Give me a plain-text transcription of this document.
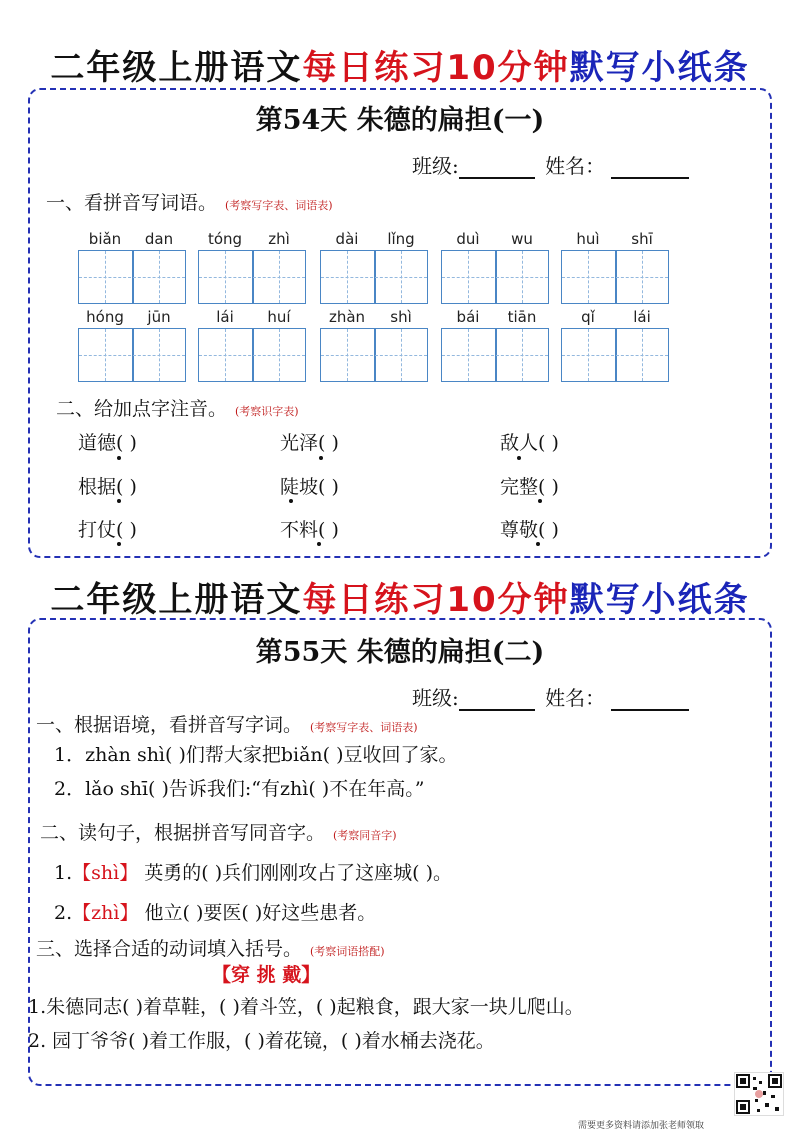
二年级上册语文每日练习10分钟默写小纸条
第54天 朱德的扁担(一)
班级:	姓名：
一、看拼音写词语。 (考察写字表、词语表)
biǎn	dan	tóng	zhì	dài	lǐng	duì	wu	huì	shī
hóng	jūn	lái	huí	zhàn	shì	bái	tiān	qǐ	lái
二、给加点字注音。 (考察识字表)
道德( )	光泽( )	敌人( )
根据( )	陡坡( )	完整( )
打仗( )	不料( )	尊敬( )
二年级上册语文每日练习10分钟默写小纸条
第55天 朱德的扁担(二)
班级:	姓名：
一、根据语境，看拼音写字词。 (考察写字表、词语表)
1．zhàn shì( )们帮大家把biǎn( )豆收回了家。
2．lǎo shī( )告诉我们:“有zhì( )不在年高。”
二、读句子，根据拼音写同音字。 (考察同音字)
1.【shì】 英勇的( )兵们刚刚攻占了这座城( )。
2.【zhì】 他立( )要医( )好这些患者。
三、选择合适的动词填入括号。 (考察词语搭配)
【穿 挑 戴】
1.朱德同志( )着草鞋，( )着斗笠，( )起粮食，跟大家一块儿爬山。
2. 园丁爷爷( )着工作服，( )着花镜，( )着水桶去浇花。
需要更多资料请添加张老师领取
